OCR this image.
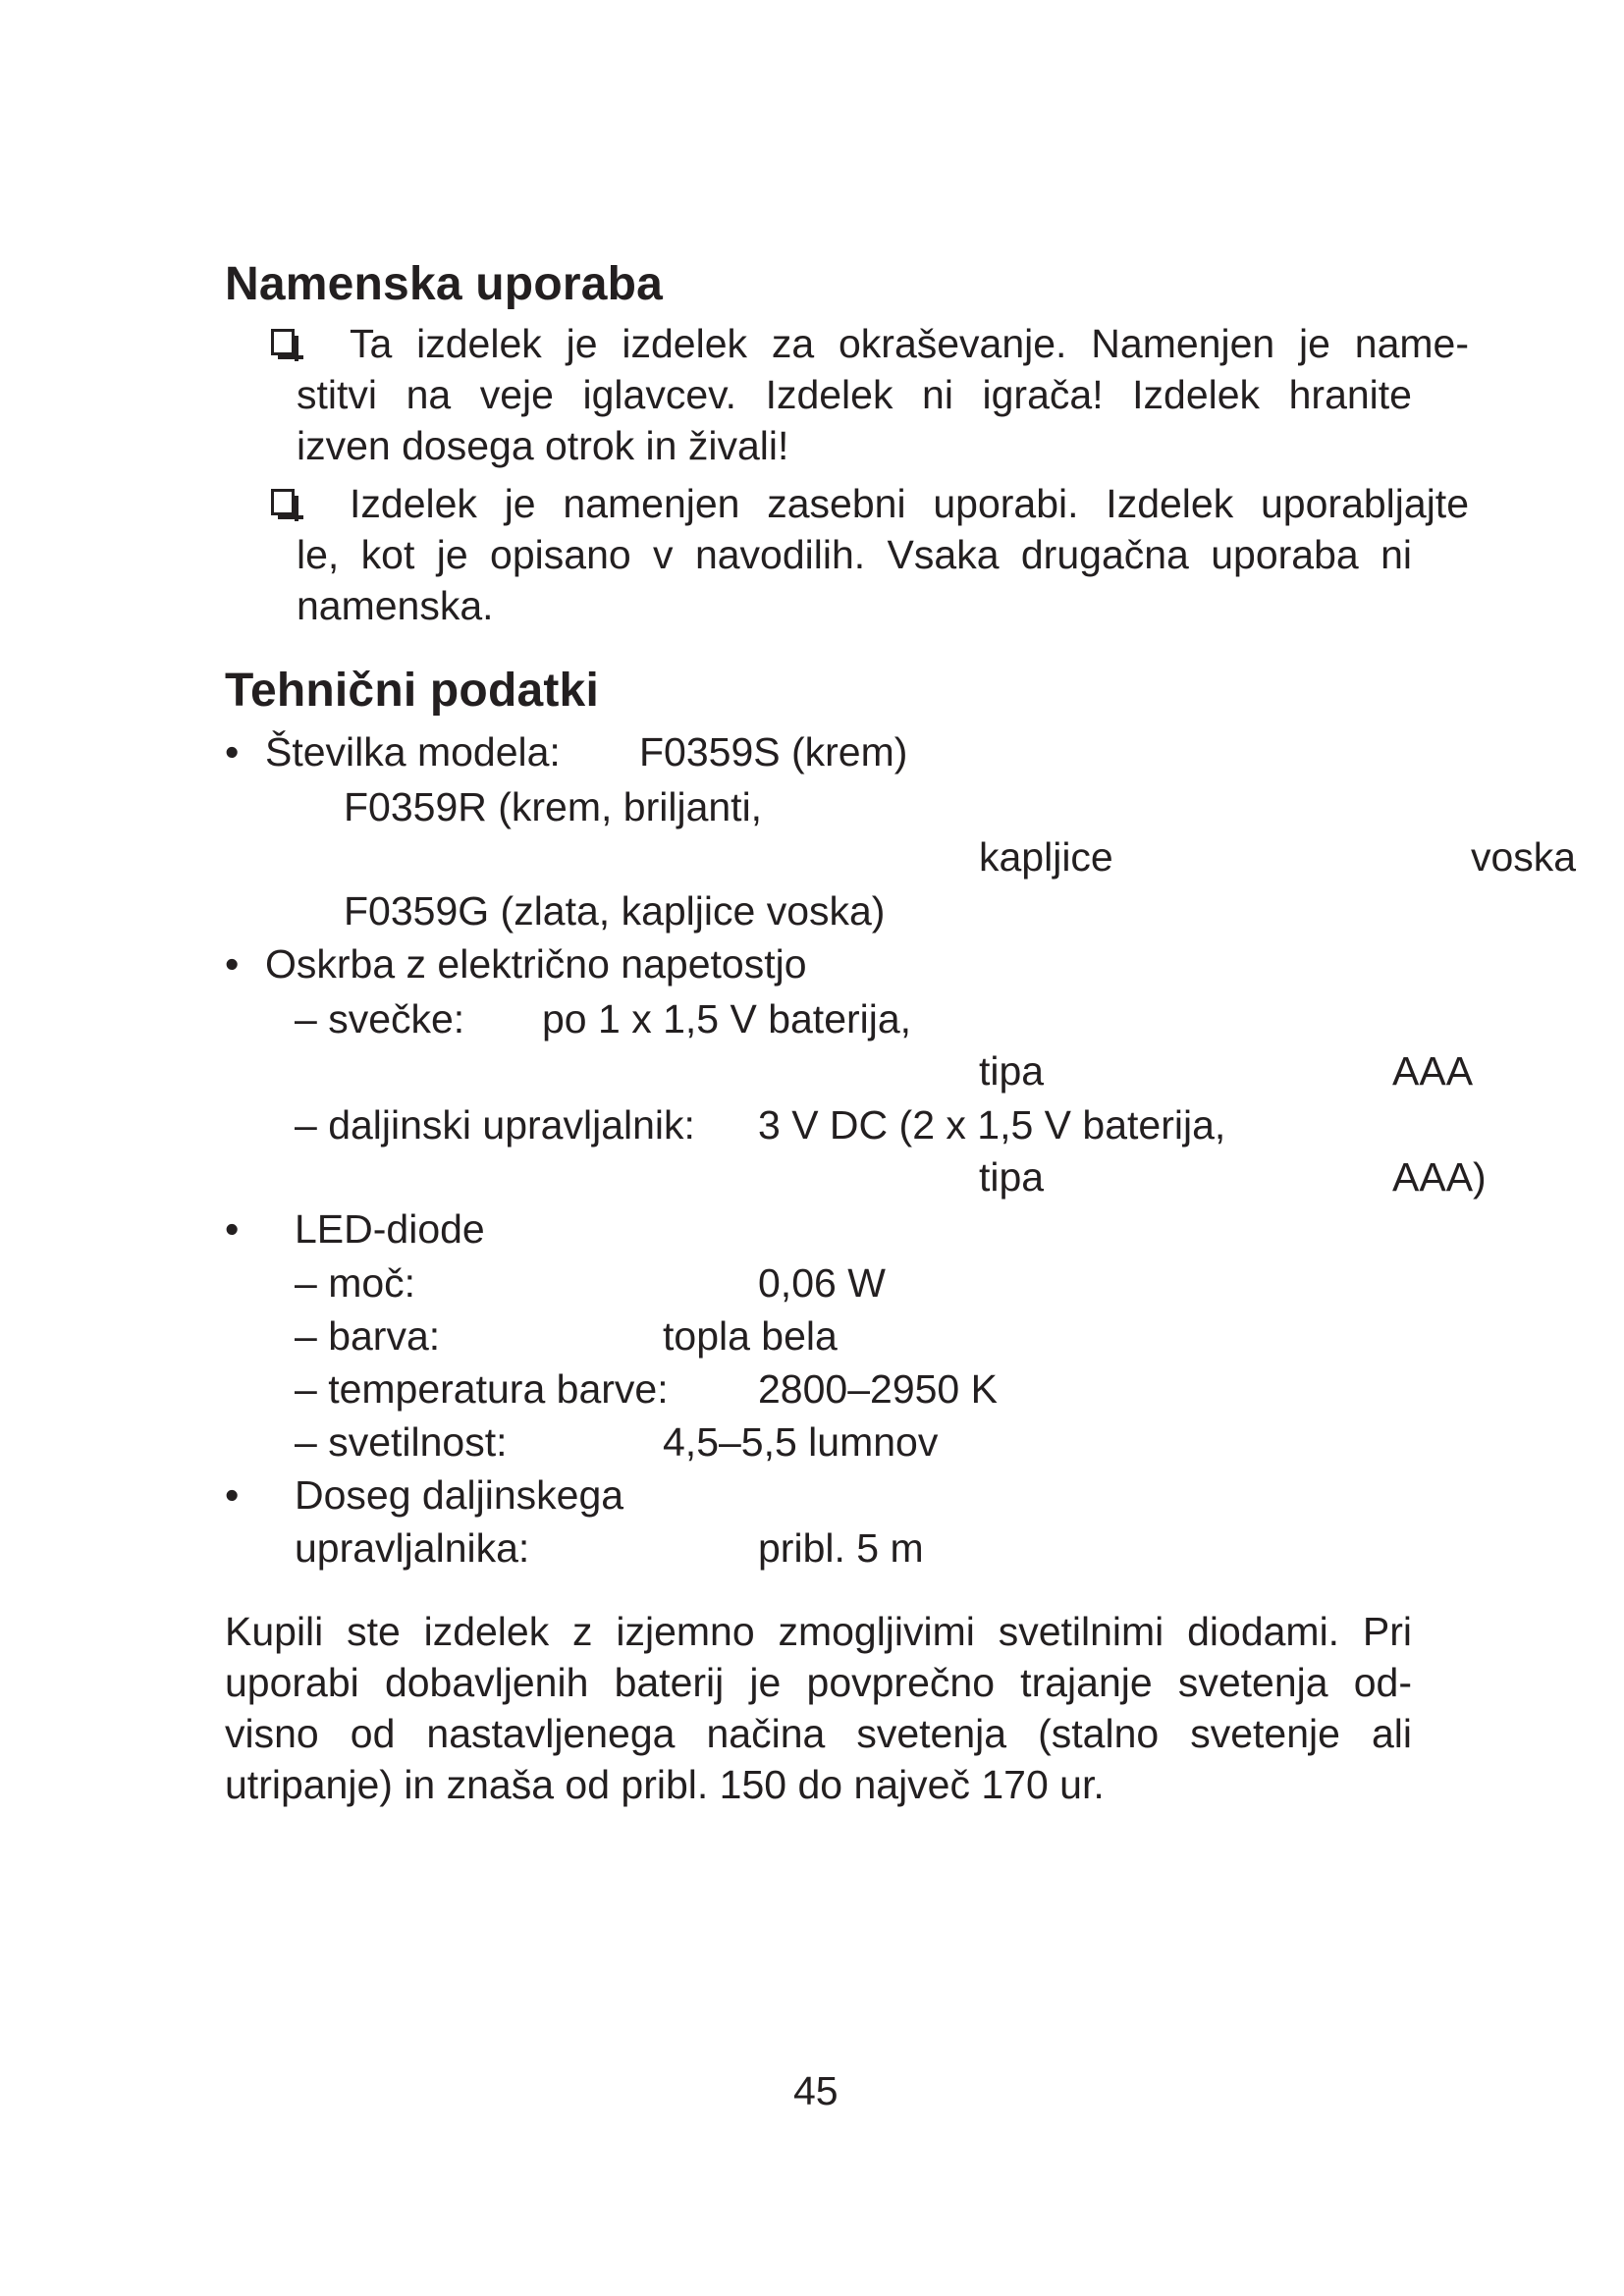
Namenska uporaba
Ta izdelek je izdelek za okraševanje. Namenjen je name-
stitvi na veje iglavcev. Izdelek ni igrača! Izdelek hranite
izven dosega otrok in živali!
Izdelek je namenjen zasebni uporabi. Izdelek uporabljajte
le, kot je opisano v navodilih. Vsaka drugačna uporaba ni
namenska.
Tehnični podatki
• Številka modela: F0359S (krem)
F0359R (krem, briljanti,
kapljice	voska
F0359G (zlata, kapljice voska)
• Oskrba z električno napetostjo
– svečke: po 1 x 1,5 V baterija,
tipa	AAA
– daljinski upravljalnik: 3 V DC (2 x 1,5 V baterija,
tipa	AAA)
• LED-diode
– moč:	0,06 W
– barva:	topla bela
– temperatura barve: 2800–2950 K
– svetilnost:	4,5–5,5 lumnov
• Doseg daljinskega
upravljalnika:	pribl. 5 m
Kupili ste izdelek z izjemno zmogljivimi svetilnimi diodami. Pri
uporabi dobavljenih baterij je povprečno trajanje svetenja od-
visno od nastavljenega načina svetenja (stalno svetenje ali
utripanje) in znaša od pribl. 150 do največ 170 ur.
45
